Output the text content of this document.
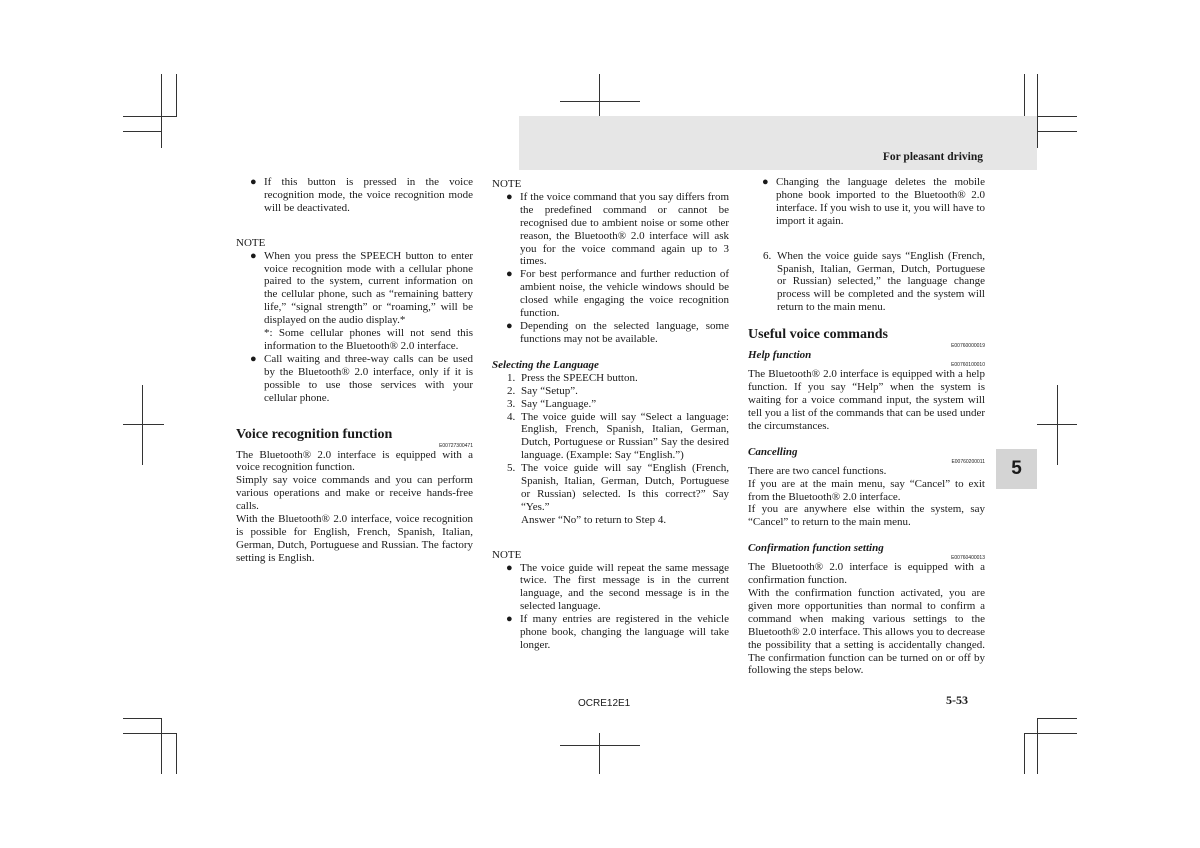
For pleasant driving
5

● If this button is pressed in the voice recognition mode, the voice recognition mode will be deactivated.

NOTE

● When you press the SPEECH button to enter voice recognition mode with a cellular phone paired to the system, current information on the cellular phone, such as “remaining battery life,” “signal strength” or “roaming,” will be displayed on the audio display.*

*: Some cellular phones will not send this information to the Bluetooth® 2.0 interface.

● Call waiting and three-way calls can be used by the Bluetooth® 2.0 interface, only if it is possible to use those services with your cellular phone.

Voice recognition function

E00727300471

The Bluetooth® 2.0 interface is equipped with a voice recognition function.

Simply say voice commands and you can perform various operations and make or receive hands-free calls.

With the Bluetooth® 2.0 interface, voice recognition is possible for English, French, Spanish, Italian, German, Dutch, Portuguese and Russian. The factory setting is English.

NOTE

● If the voice command that you say differs from the predefined command or cannot be recognised due to ambient noise or some other reason, the Bluetooth® 2.0 interface will ask you for the voice command again up to 3 times.

● For best performance and further reduction of ambient noise, the vehicle windows should be closed while engaging the voice recognition function.

● Depending on the selected language, some functions may not be available.

Selecting the Language

1. Press the SPEECH button.

2. Say “Setup”.

3. Say “Language.”

4. The voice guide will say “Select a language: English, French, Spanish, Italian, German, Dutch, Portuguese or Russian” Say the desired language. (Example: Say “English.”)

5. The voice guide will say “English (French, Spanish, Italian, German, Dutch, Portuguese or Russian) selected. Is this correct?” Say “Yes.”

Answer “No” to return to Step 4.

NOTE

● The voice guide will repeat the same message twice. The first message is in the current language, and the second message is in the selected language.

● If many entries are registered in the vehicle phone book, changing the language will take longer.

● Changing the language deletes the mobile phone book imported to the Bluetooth® 2.0 interface. If you wish to use it, you will have to import it again.

6. When the voice guide says “English (French, Spanish, Italian, German, Dutch, Portuguese or Russian) selected,” the language change process will be completed and the system will return to the main menu.

Useful voice commands

E00760000019

Help function

E00760100010

The Bluetooth® 2.0 interface is equipped with a help function. If you say “Help” when the system is waiting for a voice command input, the system will tell you a list of the commands that can be used under the circumstances.

Cancelling

E00760200011

There are two cancel functions.

If you are at the main menu, say “Cancel” to exit from the Bluetooth® 2.0 interface.

If you are anywhere else within the system, say “Cancel” to return to the main menu.

Confirmation function setting

E00760400013

The Bluetooth® 2.0 interface is equipped with a confirmation function.

With the confirmation function activated, you are given more opportunities than normal to confirm a command when making various settings to the Bluetooth® 2.0 interface. This allows you to decrease the possibility that a setting is accidentally changed. The confirmation function can be turned on or off by following the steps below.

OCRE12E1	5-53
